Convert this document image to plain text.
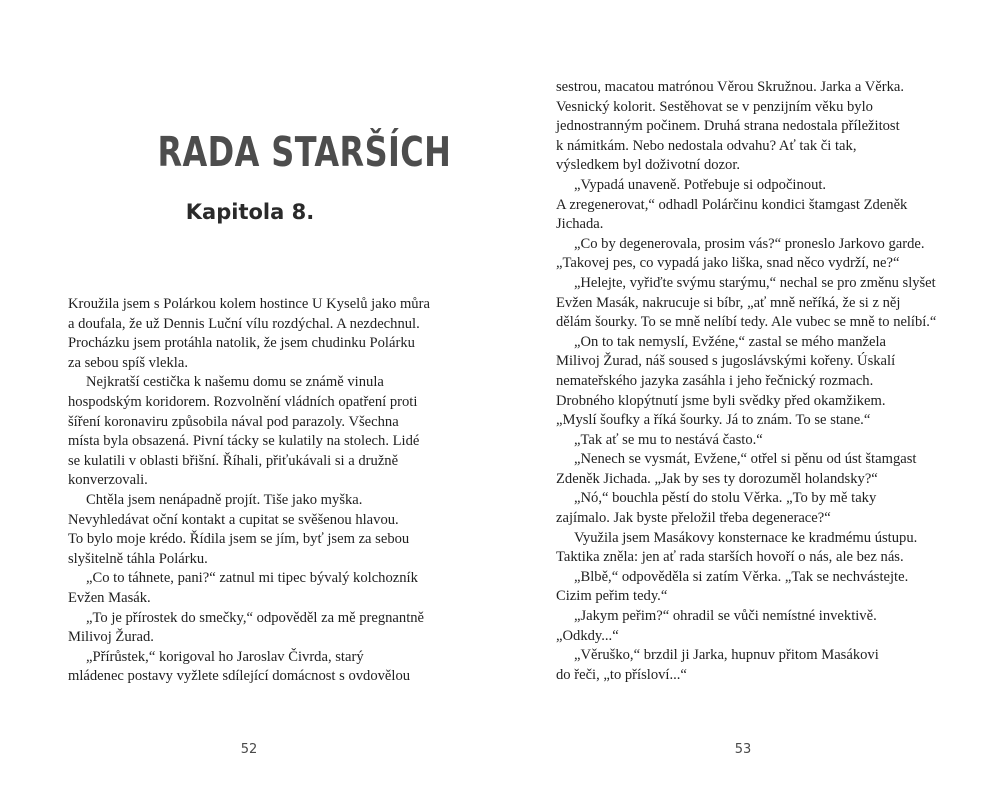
RADA STARŠÍCH
Kapitola 8.
Kroužila jsem s Polárkou kolem hostince U Kyselů jako můra
a doufala, že už Dennis Luční vílu rozdýchal. A nezdechnul.
Procházku jsem protáhla natolik, že jsem chudinku Polárku
za sebou spíš vlekla.
Nejkratší cestička k našemu domu se známě vinula
hospodským koridorem. Rozvolnění vládních opatření proti
šíření koronaviru způsobila nával pod parazoly. Všechna
místa byla obsazená. Pivní tácky se kulatily na stolech. Lidé
se kulatili v oblasti břišní. Říhali, přiťukávali si a družně
konverzovali.
Chtěla jsem nenápadně projít. Tiše jako myška.
Nevyhledávat oční kontakt a cupitat se svěšenou hlavou.
To bylo moje krédo. Řídila jsem se jím, byť jsem za sebou
slyšitelně táhla Polárku.
„Co to táhnete, pani?“ zatnul mi tipec bývalý kolchozník
Evžen Masák.
„To je přírostek do smečky,“ odpověděl za mě pregnantně
Milivoj Žurad.
„Přírůstek,“ korigoval ho Jaroslav Čivrda, starý
mládenec postavy vyžlete sdílející domácnost s ovdovělou
52
sestrou, macatou matrónou Věrou Skružnou. Jarka a Věrka.
Vesnický kolorit. Sestěhovat se v penzijním věku bylo
jednostranným počinem. Druhá strana nedostala příležitost
k námitkám. Nebo nedostala odvahu? Ať tak či tak,
výsledkem byl doživotní dozor.
„Vypadá unaveně. Potřebuje si odpočinout.
A zregenerovat,“ odhadl Polárčinu kondici štamgast Zdeněk
Jichada.
„Co by degenerovala, prosim vás?“ proneslo Jarkovo garde.
„Takovej pes, co vypadá jako liška, snad něco vydrží, ne?“
„Helejte, vyřiďte svýmu starýmu,“ nechal se pro změnu slyšet
Evžen Masák, nakrucuje si bíbr, „ať mně neříká, že si z něj
dělám šourky. To se mně nelíbí tedy. Ale vubec se mně to nelíbí.“
„On to tak nemyslí, Evžéne,“ zastal se mého manžela
Milivoj Žurad, náš soused s jugoslávskými kořeny. Úskalí
nemateřského jazyka zasáhla i jeho řečnický rozmach.
Drobného klopýtnutí jsme byli svědky před okamžikem.
„Myslí šoufky a říká šourky. Já to znám. To se stane.“
„Tak ať se mu to nestává často.“
„Nenech se vysmát, Evžene,“ otřel si pěnu od úst štamgast
Zdeněk Jichada. „Jak by ses ty dorozuměl holandsky?“
„Nó,“ bouchla pěstí do stolu Věrka. „To by mě taky
zajímalo. Jak byste přeložil třeba degenerace?“
Využila jsem Masákovy konsternace ke kradmému ústupu.
Taktika zněla: jen ať rada starších hovoří o nás, ale bez nás.
„Blbě,“ odpověděla si zatím Věrka. „Tak se nechvástejte.
Cizim peřim tedy.“
„Jakym peřim?“ ohradil se vůči nemístné invektivě.
„Odkdy...“
„Věruško,“ brzdil ji Jarka, hupnuv přitom Masákovi
do řeči, „to přísloví...“
53
